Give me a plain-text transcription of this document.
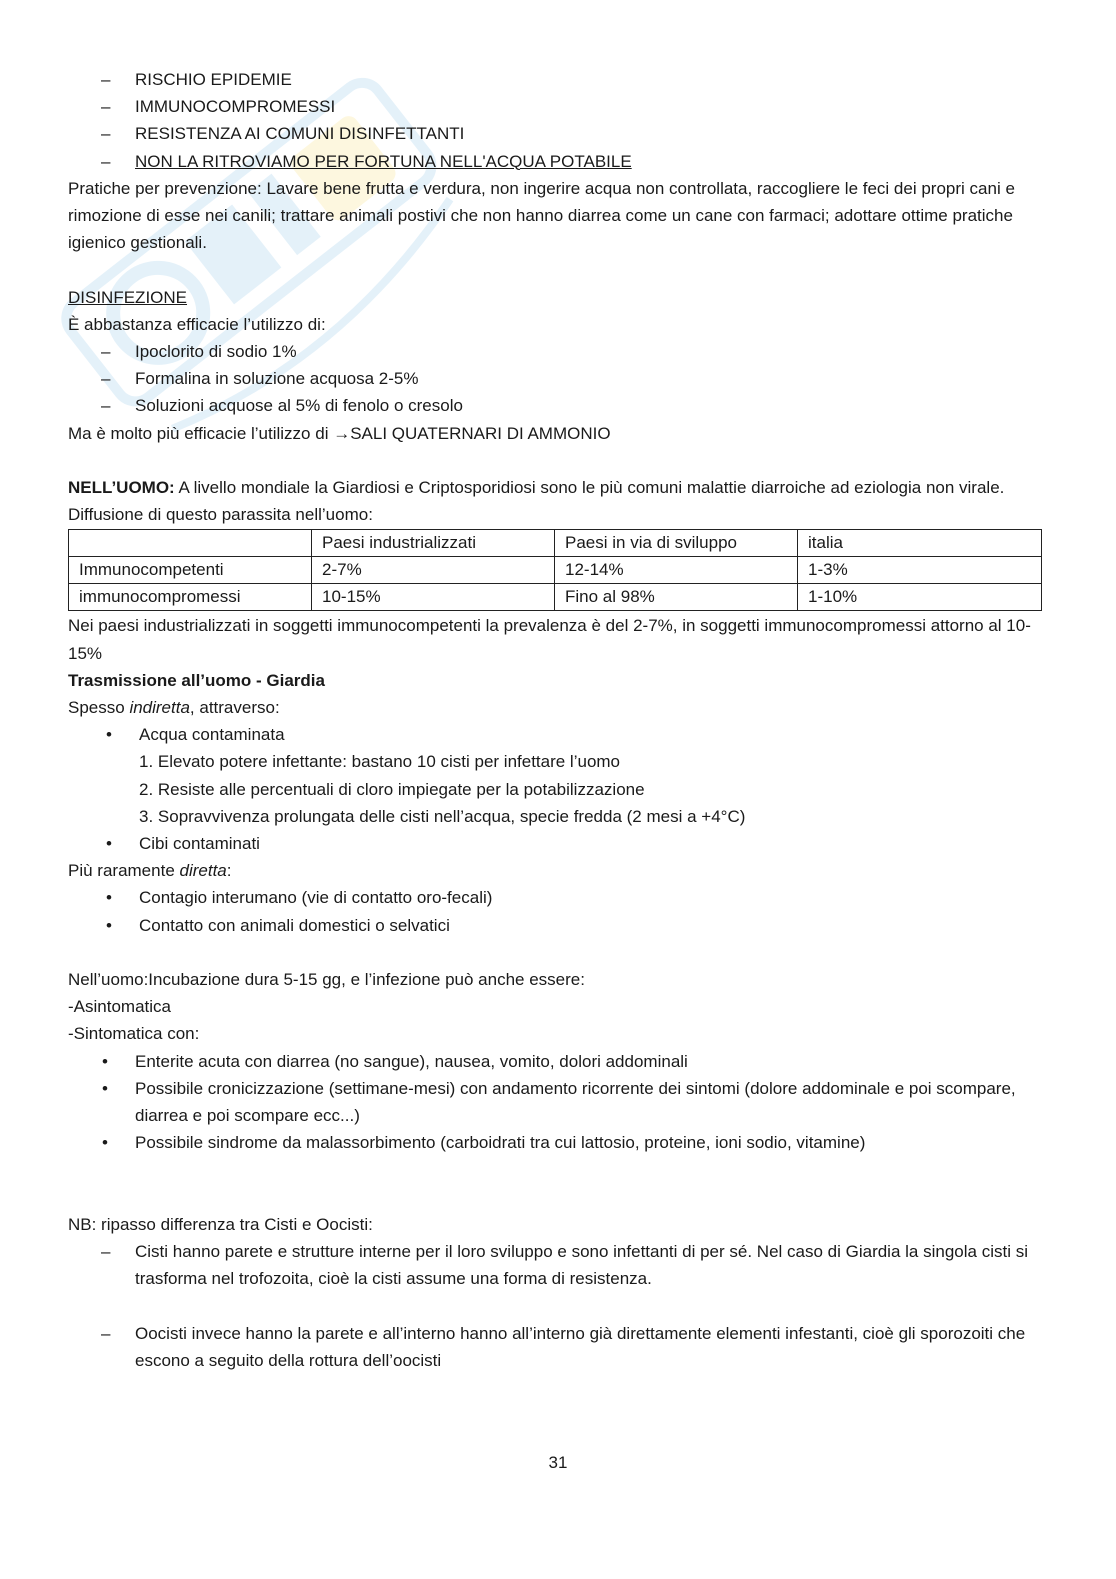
– RISCHIO EPIDEMIE
– IMMUNOCOMPROMESSI
– RESISTENZA AI COMUNI DISINFETTANTI
– NON LA RITROVIAMO PER FORTUNA NELL'ACQUA POTABILE
Pratiche per prevenzione: Lavare bene frutta e verdura, non ingerire acqua non controllata, raccogliere le feci dei propri cani e rimozione di esse nei canili; trattare animali postivi che non hanno diarrea come un cane con farmaci; adottare ottime pratiche igienico gestionali.
DISINFEZIONE
È abbastanza efficacie l’utilizzo di:
– Ipoclorito di sodio 1%
– Formalina in soluzione acquosa 2-5%
– Soluzioni acquose al 5% di fenolo o cresolo
Ma è molto più efficacie l’utilizzo di →SALI QUATERNARI DI AMMONIO
NELL’UOMO: A livello mondiale la Giardiosi e Criptosporidiosi sono le più comuni malattie diarroiche ad eziologia non virale.
Diffusione di questo parassita nell’uomo:
	Paesi industrializzati	Paesi in via di sviluppo	italia
Immunocompetenti	2-7%	12-14%	1-3%
immunocompromessi	10-15%	Fino al 98%	1-10%
Nei paesi industrializzati in soggetti immunocompetenti la prevalenza è del 2-7%, in soggetti immunocompromessi attorno al 10-15%
Trasmissione all’uomo - Giardia
Spesso indiretta, attraverso:
• Acqua contaminata
1. Elevato potere infettante: bastano 10 cisti per infettare l’uomo
2. Resiste alle percentuali di cloro impiegate per la potabilizzazione
3. Sopravvivenza prolungata delle cisti nell’acqua, specie fredda (2 mesi a +4°C)
• Cibi contaminati
Più raramente diretta:
• Contagio interumano (vie di contatto oro-fecali)
• Contatto con animali domestici o selvatici
Nell’uomo:Incubazione dura 5-15 gg, e l’infezione può anche essere:
-Asintomatica
-Sintomatica con:
• Enterite acuta con diarrea (no sangue), nausea, vomito, dolori addominali
• Possibile cronicizzazione (settimane-mesi) con andamento ricorrente dei sintomi (dolore addominale e poi scompare, diarrea e poi scompare ecc...)
• Possibile sindrome da malassorbimento (carboidrati tra cui lattosio, proteine, ioni sodio, vitamine)
NB: ripasso differenza tra Cisti e Oocisti:
– Cisti hanno parete e strutture interne per il loro sviluppo e sono infettanti di per sé. Nel caso di Giardia la singola cisti si trasforma nel trofozoita, cioè la cisti assume una forma di resistenza.
– Oocisti invece hanno la parete e all’interno hanno all’interno già direttamente elementi infestanti, cioè gli sporozoiti che escono a seguito della rottura dell’oocisti
31
